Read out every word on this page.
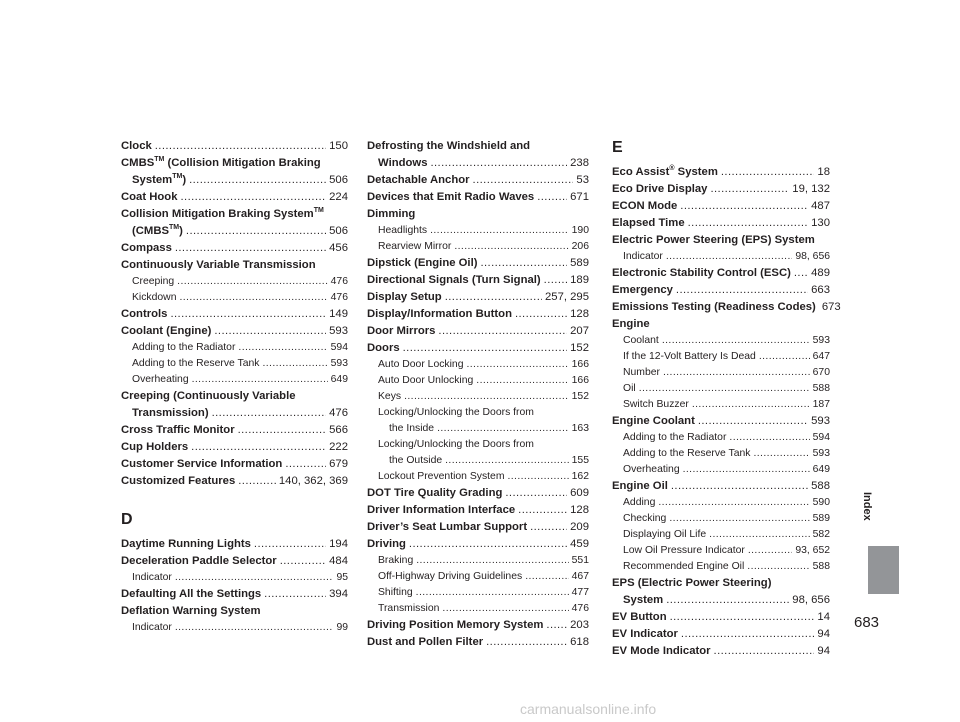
Clock .....	150
CMBS™ (Collision Mitigation Braking
System™) .....	506
Coat Hook .....	224
Collision Mitigation Braking System™
(CMBS™) .....	506
Compass .....	456
Continuously Variable Transmission
Creeping .....	476
Kickdown .....	476
Controls .....	149
Coolant (Engine) .....	593
Adding to the Radiator .....	594
Adding to the Reserve Tank .....	593
Overheating .....	649
Creeping (Continuously Variable
Transmission) .....	476
Cross Traffic Monitor .....	566
Cup Holders .....	222
Customer Service Information .....	679
Customized Features .....	140, 362, 369
D
Daytime Running Lights .....	194
Deceleration Paddle Selector .....	484
Indicator .....	95
Defaulting All the Settings .....	394
Deflation Warning System
Indicator .....	99
Defrosting the Windshield and
Windows .....	238
Detachable Anchor .....	53
Devices that Emit Radio Waves .....	671
Dimming
Headlights .....	190
Rearview Mirror .....	206
Dipstick (Engine Oil) .....	589
Directional Signals (Turn Signal) .....	189
Display Setup .....	257, 295
Display/Information Button .....	128
Door Mirrors .....	207
Doors .....	152
Auto Door Locking .....	166
Auto Door Unlocking .....	166
Keys .....	152
Locking/Unlocking the Doors from
the Inside .....	163
Locking/Unlocking the Doors from
the Outside .....	155
Lockout Prevention System .....	162
DOT Tire Quality Grading .....	609
Driver Information Interface .....	128
Driver’s Seat Lumbar Support .....	209
Driving .....	459
Braking .....	551
Off-Highway Driving Guidelines .....	467
Shifting .....	477
Transmission .....	476
Driving Position Memory System ..... 203
Dust and Pollen Filter .....	618
E
Eco Assist® System .....	18
Eco Drive Display .....	19, 132
ECON Mode .....	487
Elapsed Time .....	130
Electric Power Steering (EPS) System
Indicator .....	98, 656
Electronic Stability Control (ESC) ..... 489
Emergency .....	663
Emissions Testing (Readiness Codes) 673
Engine
Coolant .....	593
If the 12-Volt Battery Is Dead .....	647
Number .....	670
Oil .....	588
Switch Buzzer .....	187
Engine Coolant .....	593
Adding to the Radiator .....	594
Adding to the Reserve Tank .....	593
Overheating .....	649
Engine Oil .....	588
Adding .....	590
Checking .....	589
Displaying Oil Life .....	582
Low Oil Pressure Indicator .....	93, 652
Recommended Engine Oil .....	588
EPS (Electric Power Steering)
System .....	98, 656
EV Button .....	14
EV Indicator .....	94
EV Mode Indicator .....	94
Index
683
carmanualsonline.info
